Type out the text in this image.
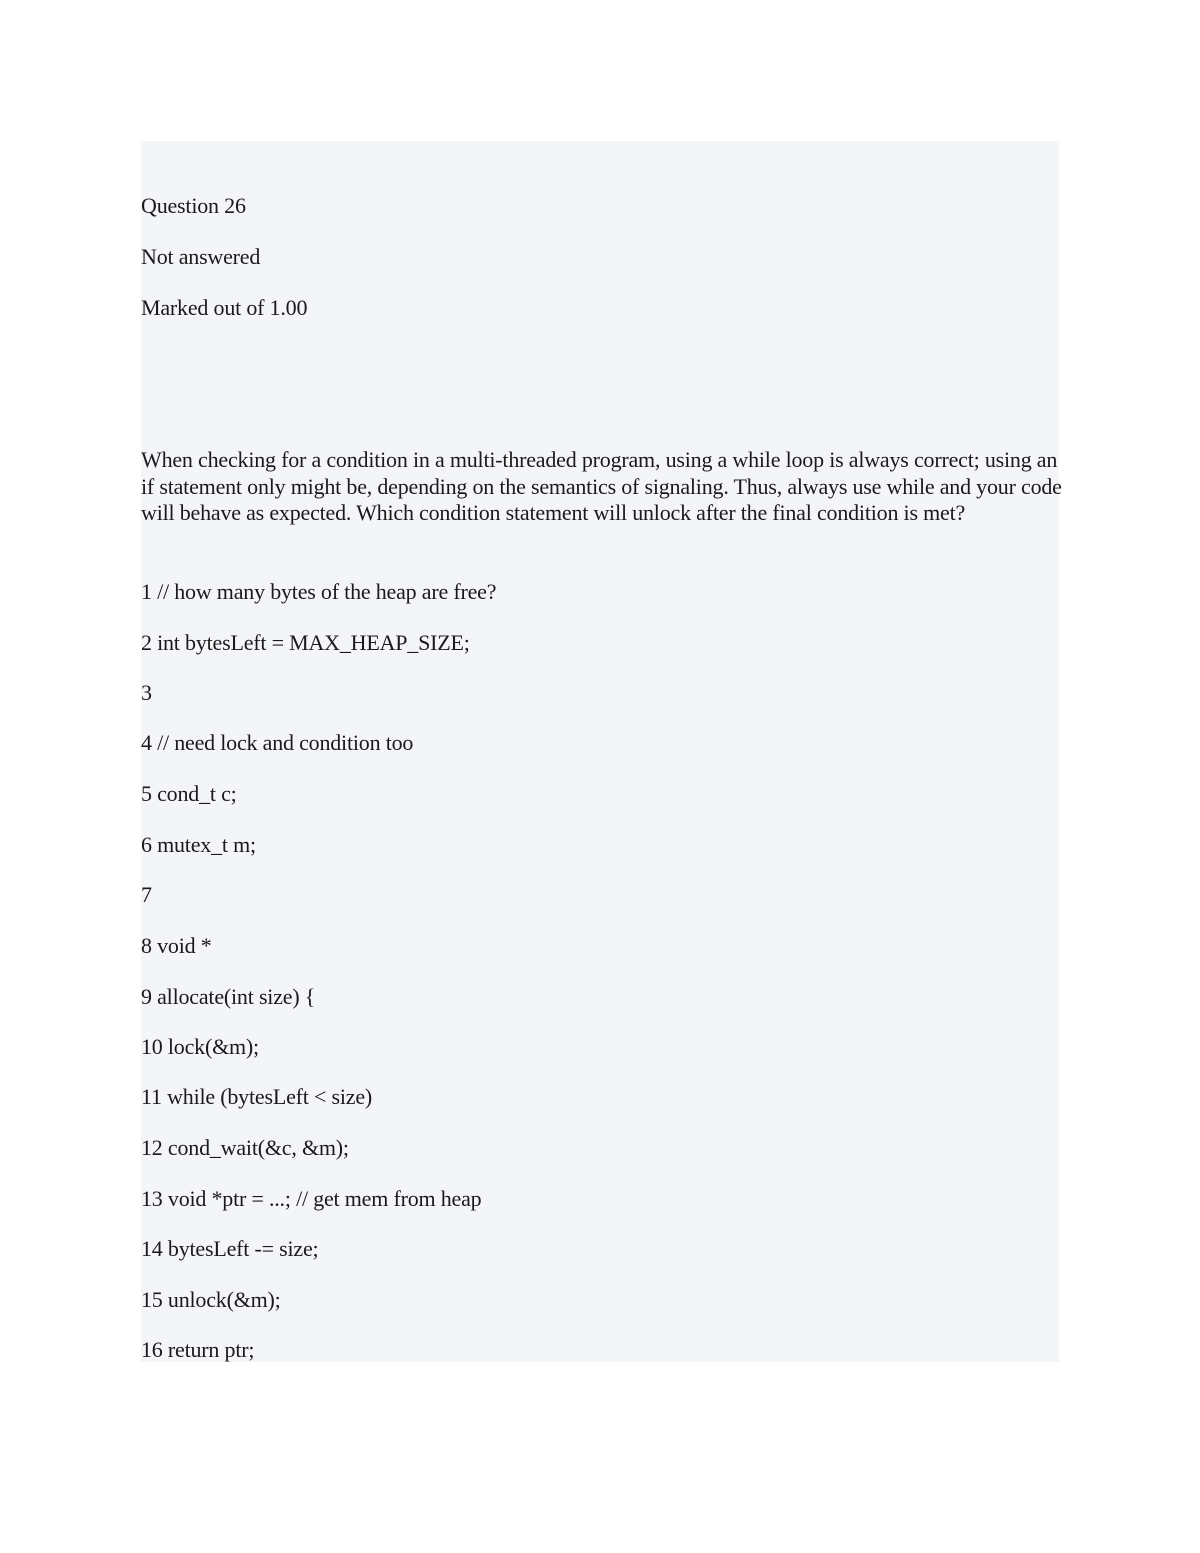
Question 26
Not answered
Marked out of 1.00
When checking for a condition in a multi-threaded program, using a while loop is always correct; using an if statement only might be, depending on the semantics of signaling. Thus, always use while and your code will behave as expected. Which condition statement will unlock after the final condition is met?
1 // how many bytes of the heap are free?
2 int bytesLeft = MAX_HEAP_SIZE;
3
4 // need lock and condition too
5 cond_t c;
6 mutex_t m;
7
8 void *
9 allocate(int size) {
10 lock(&m);
11 while (bytesLeft < size)
12 cond_wait(&c, &m);
13 void *ptr = ...; // get mem from heap
14 bytesLeft -= size;
15 unlock(&m);
16 return ptr;
